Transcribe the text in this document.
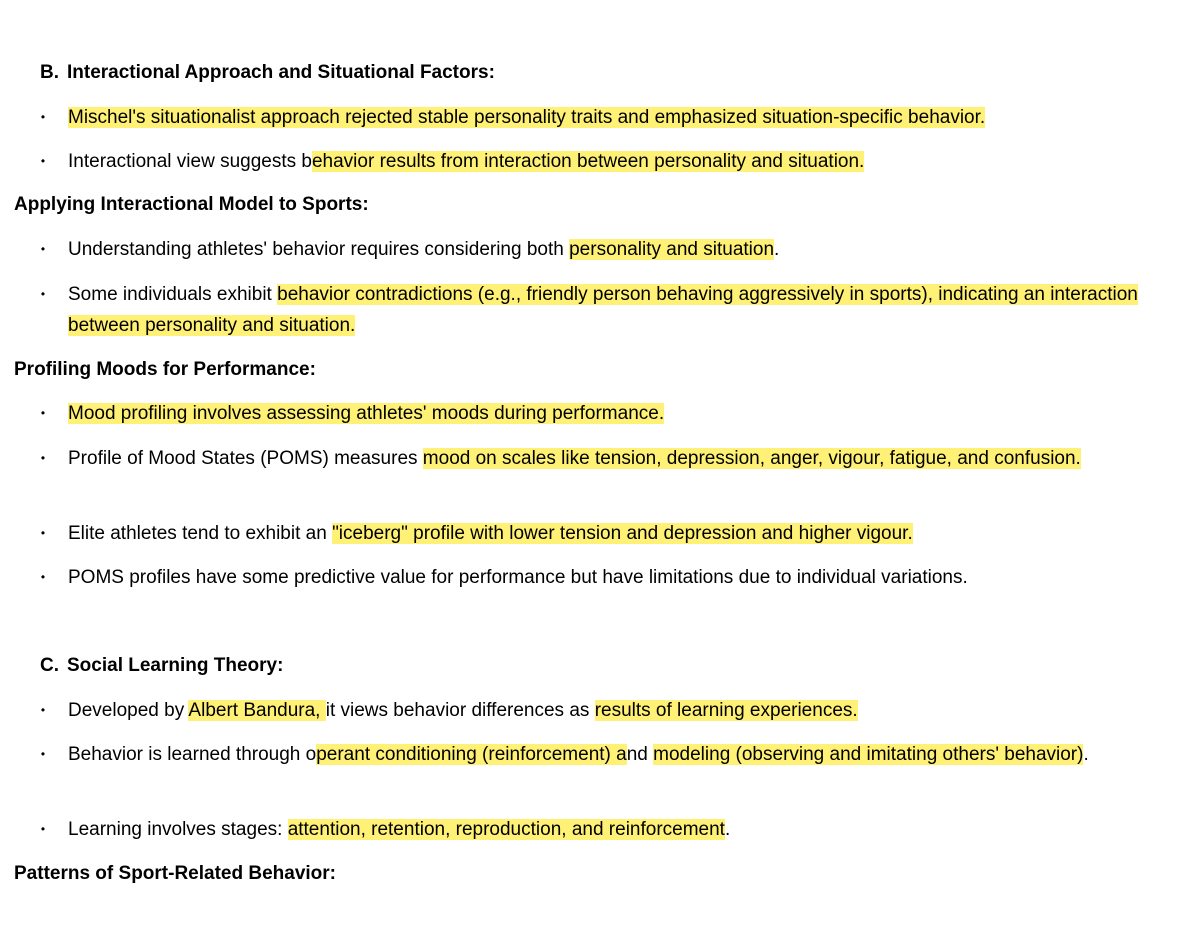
B. Interactional Approach and Situational Factors:
• Mischel's situationalist approach rejected stable personality traits and emphasized situation-specific behavior.
• Interactional view suggests behavior results from interaction between personality and situation.
Applying Interactional Model to Sports:
• Understanding athletes' behavior requires considering both personality and situation.
• Some individuals exhibit behavior contradictions (e.g., friendly person behaving aggressively in sports), indicating an interaction between personality and situation.
Profiling Moods for Performance:
• Mood profiling involves assessing athletes' moods during performance.
• Profile of Mood States (POMS) measures mood on scales like tension, depression, anger, vigour, fatigue, and confusion.
• Elite athletes tend to exhibit an "iceberg" profile with lower tension and depression and higher vigour.
• POMS profiles have some predictive value for performance but have limitations due to individual variations.
C. Social Learning Theory:
• Developed by Albert Bandura, it views behavior differences as results of learning experiences.
• Behavior is learned through operant conditioning (reinforcement) and modeling (observing and imitating others' behavior).
• Learning involves stages: attention, retention, reproduction, and reinforcement.
Patterns of Sport-Related Behavior:
